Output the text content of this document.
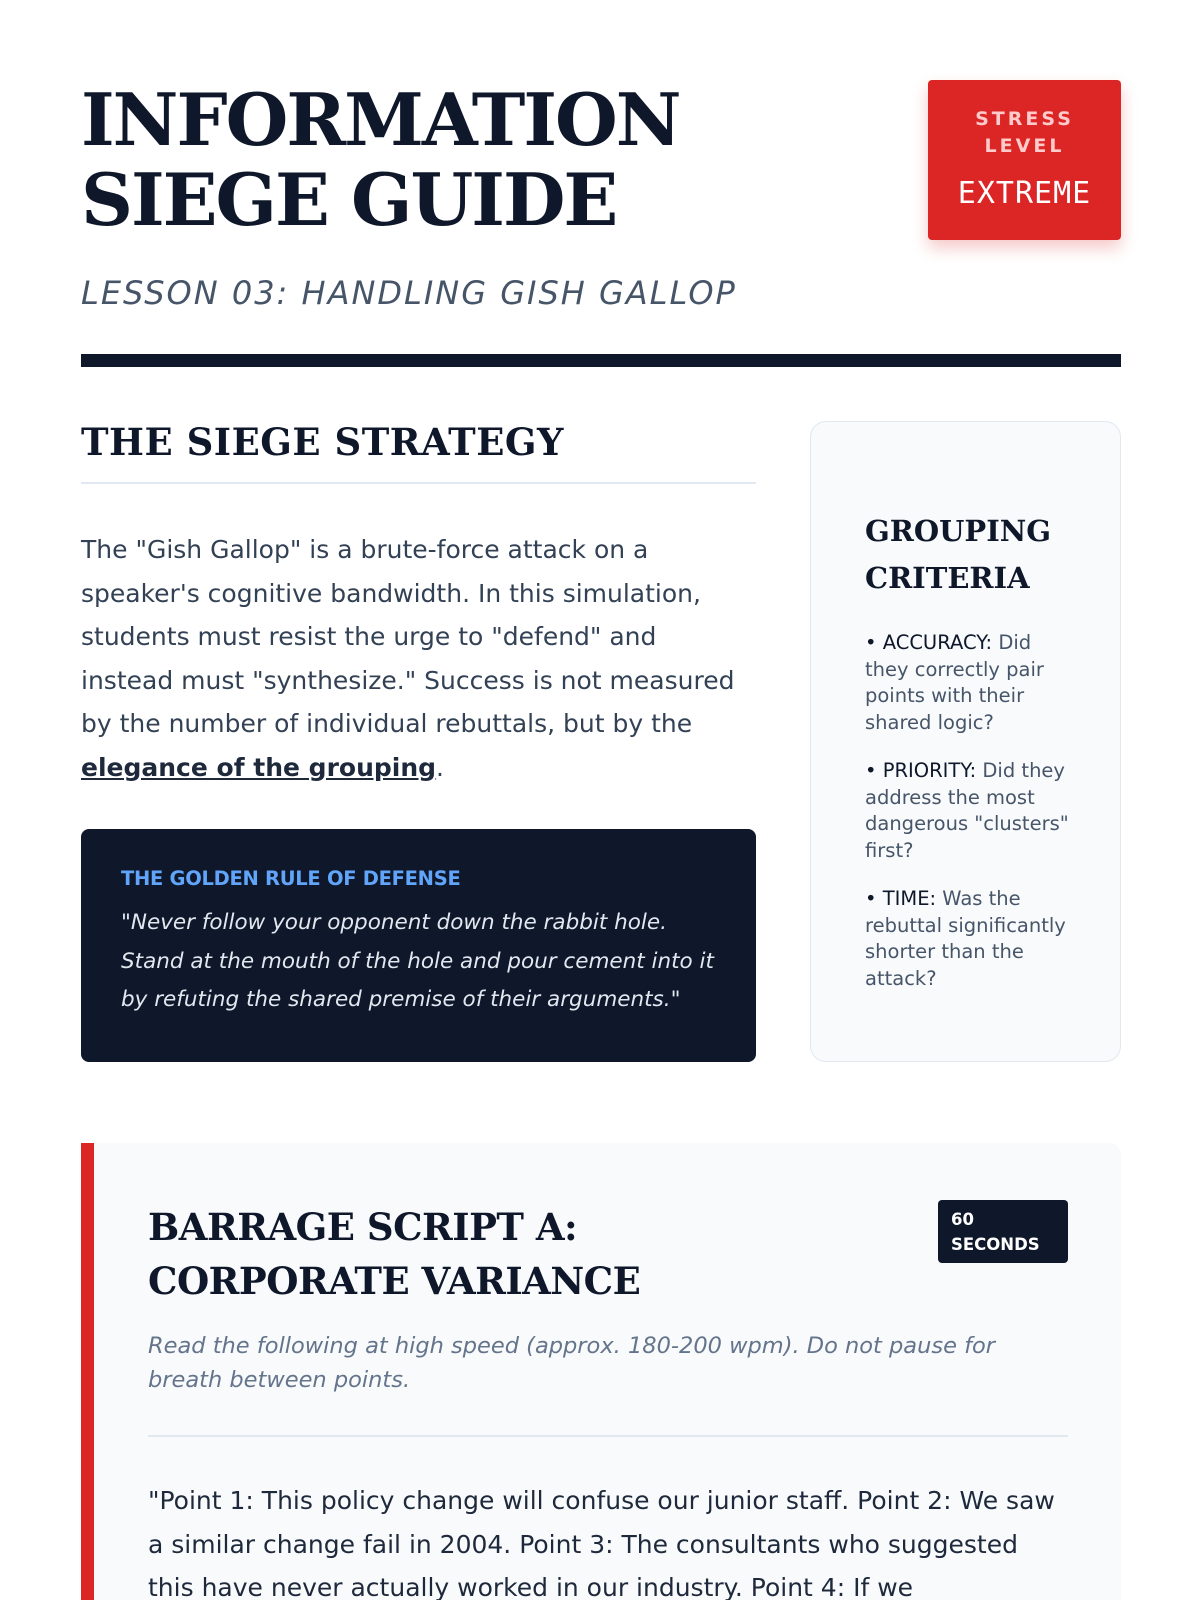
INFORMATION SIEGE GUIDE
LESSON 03: HANDLING GISH GALLOP
STRESS LEVEL
EXTREME
THE SIEGE STRATEGY

The "Gish Gallop" is a brute-force attack on a speaker's cognitive bandwidth. In this simulation, students must resist the urge to "defend" and instead must "synthesize." Success is not measured by the number of individual rebuttals, but by the elegance of the grouping.

THE GOLDEN RULE OF DEFENSE

"Never follow your opponent down the rabbit hole. Stand at the mouth of the hole and pour cement into it by refuting the shared premise of their arguments."

GROUPING CRITERIA
• ACCURACY: Did they correctly pair points with their shared logic?
• PRIORITY: Did they address the most dangerous "clusters" first?
• TIME: Was the rebuttal significantly shorter than the attack?
BARRAGE SCRIPT A: CORPORATE VARIANCE
60 SECONDS

Read the following at high speed (approx. 180-200 wpm). Do not pause for breath between points.

"Point 1: This policy change will confuse our junior staff. Point 2: We saw a similar change fail in 2004. Point 3: The consultants who suggested this have never actually worked in our industry. Point 4: If we
